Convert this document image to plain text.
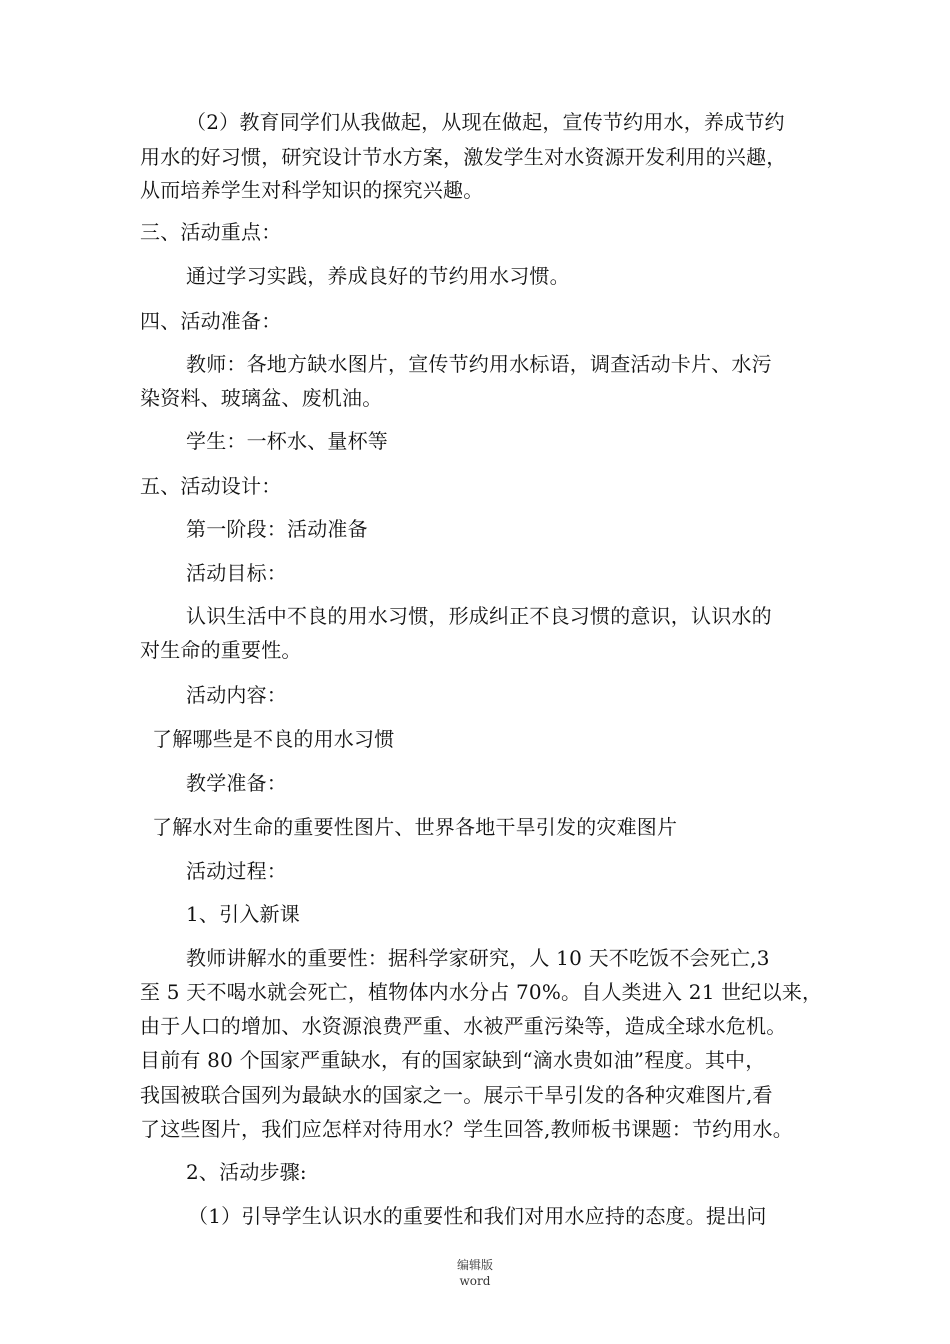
（2）教育同学们从我做起，从现在做起，宣传节约用水，养成节约
用水的好习惯，研究设计节水方案，激发学生对水资源开发利用的兴趣，
从而培养学生对科学知识的探究兴趣。
三、活动重点：
通过学习实践，养成良好的节约用水习惯。
四、活动准备：
教师：各地方缺水图片，宣传节约用水标语，调查活动卡片、水污
染资料、玻璃盆、废机油。
学生：一杯水、量杯等
五、活动设计：
第一阶段：活动准备
活动目标：
认识生活中不良的用水习惯，形成纠正不良习惯的意识，认识水的
对生命的重要性。
活动内容：
了解哪些是不良的用水习惯
教学准备：
了解水对生命的重要性图片、世界各地干旱引发的灾难图片
活动过程：
1、引入新课
教师讲解水的重要性：据科学家研究，人 10 天不吃饭不会死亡,3
至 5 天不喝水就会死亡，植物体内水分占 70%。自人类进入 21 世纪以来，
由于人口的增加、水资源浪费严重、水被严重污染等，造成全球水危机。
目前有 80 个国家严重缺水，有的国家缺到“滴水贵如油”程度。其中，
我国被联合国列为最缺水的国家之一。展示干旱引发的各种灾难图片,看
了这些图片，我们应怎样对待用水？学生回答,教师板书课题：节约用水。
2、活动步骤:
（1）引导学生认识水的重要性和我们对用水应持的态度。提出问
编辑版
word
